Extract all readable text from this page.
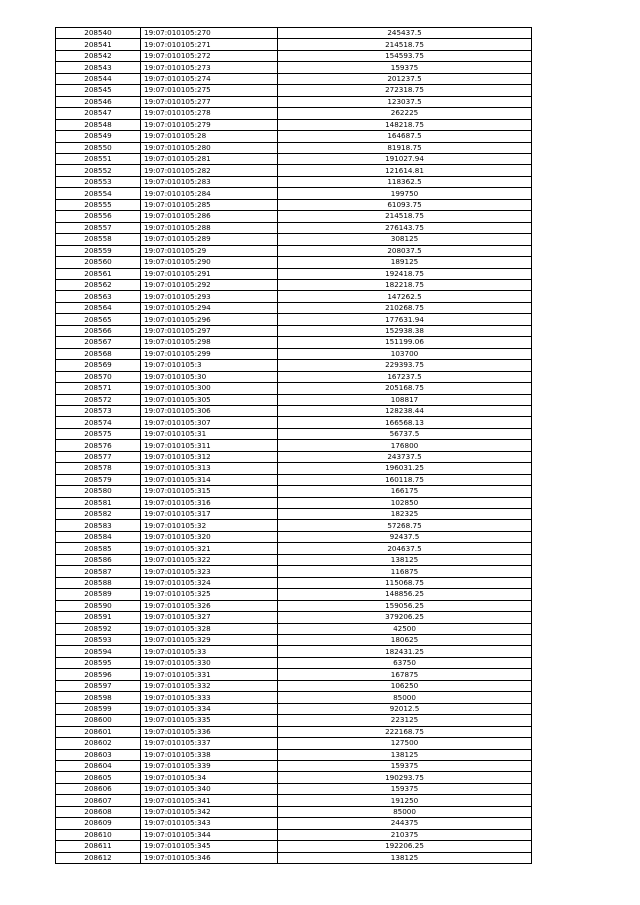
208540	19:07:010105:270	245437.5
208541	19:07:010105:271	214518.75
208542	19:07:010105:272	154593.75
208543	19:07:010105:273	159375
208544	19:07:010105:274	201237.5
208545	19:07:010105:275	272318.75
208546	19:07:010105:277	123037.5
208547	19:07:010105:278	262225
208548	19:07:010105:279	148218.75
208549	19:07:010105:28	164687.5
208550	19:07:010105:280	81918.75
208551	19:07:010105:281	191027.94
208552	19:07:010105:282	121614.81
208553	19:07:010105:283	118362.5
208554	19:07:010105:284	199750
208555	19:07:010105:285	61093.75
208556	19:07:010105:286	214518.75
208557	19:07:010105:288	276143.75
208558	19:07:010105:289	308125
208559	19:07:010105:29	208037.5
208560	19:07:010105:290	189125
208561	19:07:010105:291	192418.75
208562	19:07:010105:292	182218.75
208563	19:07:010105:293	147262.5
208564	19:07:010105:294	210268.75
208565	19:07:010105:296	177631.94
208566	19:07:010105:297	152938.38
208567	19:07:010105:298	151199.06
208568	19:07:010105:299	103700
208569	19:07:010105:3	229393.75
208570	19:07:010105:30	167237.5
208571	19:07:010105:300	205168.75
208572	19:07:010105:305	108817
208573	19:07:010105:306	128238.44
208574	19:07:010105:307	166568.13
208575	19:07:010105:31	56737.5
208576	19:07:010105:311	176800
208577	19:07:010105:312	243737.5
208578	19:07:010105:313	196031.25
208579	19:07:010105:314	160118.75
208580	19:07:010105:315	166175
208581	19:07:010105:316	102850
208582	19:07:010105:317	182325
208583	19:07:010105:32	57268.75
208584	19:07:010105:320	92437.5
208585	19:07:010105:321	204637.5
208586	19:07:010105:322	138125
208587	19:07:010105:323	116875
208588	19:07:010105:324	115068.75
208589	19:07:010105:325	148856.25
208590	19:07:010105:326	159056.25
208591	19:07:010105:327	379206.25
208592	19:07:010105:328	42500
208593	19:07:010105:329	180625
208594	19:07:010105:33	182431.25
208595	19:07:010105:330	63750
208596	19:07:010105:331	167875
208597	19:07:010105:332	106250
208598	19:07:010105:333	85000
208599	19:07:010105:334	92012.5
208600	19:07:010105:335	223125
208601	19:07:010105:336	222168.75
208602	19:07:010105:337	127500
208603	19:07:010105:338	138125
208604	19:07:010105:339	159375
208605	19:07:010105:34	190293.75
208606	19:07:010105:340	159375
208607	19:07:010105:341	191250
208608	19:07:010105:342	85000
208609	19:07:010105:343	244375
208610	19:07:010105:344	210375
208611	19:07:010105:345	192206.25
208612	19:07:010105:346	138125
